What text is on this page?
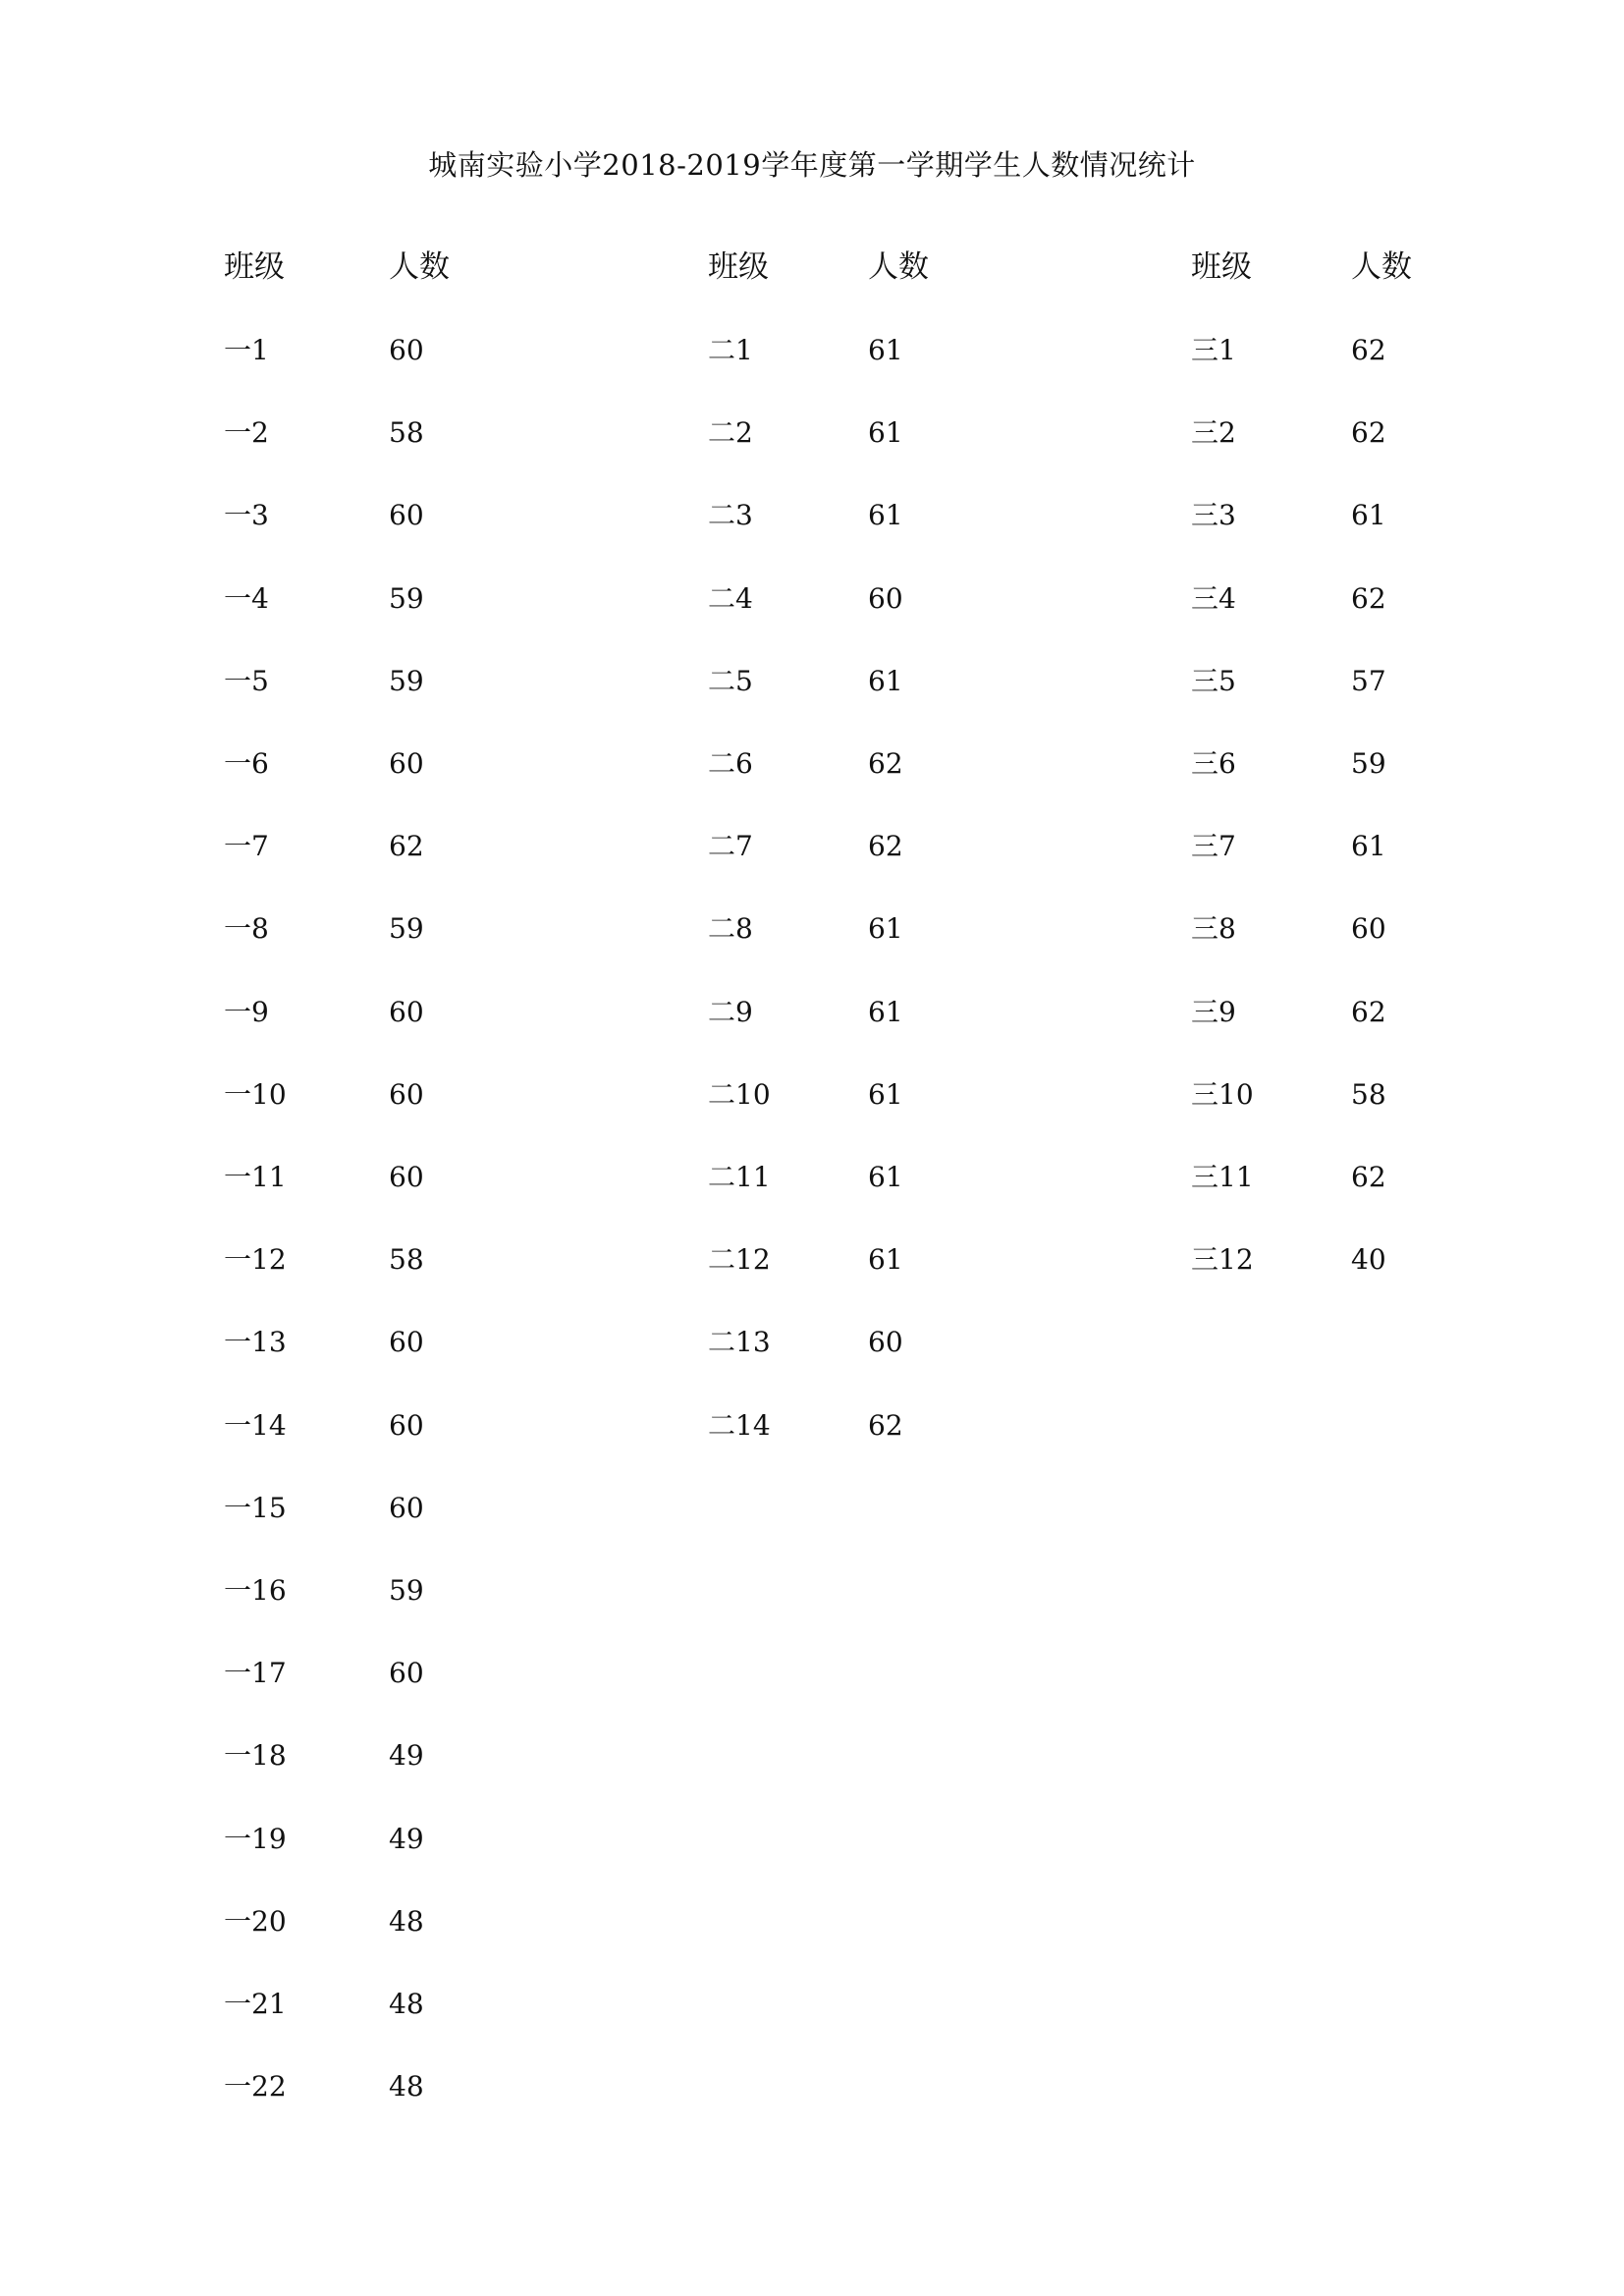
城南实验小学2018-2019学年度第一学期学生人数情况统计
班级	人数
一1	60
一2	58
一3	60
一4	59
一5	59
一6	60
一7	62
一8	59
一9	60
一10	60
一11	60
一12	58
一13	60
一14	60
一15	60
一16	59
一17	60
一18	49
一19	49
一20	48
一21	48
一22	48
班级	人数
二1	61
二2	61
二3	61
二4	60
二5	61
二6	62
二7	62
二8	61
二9	61
二10	61
二11	61
二12	61
二13	60
二14	62
班级	人数
三1	62
三2	62
三3	61
三4	62
三5	57
三6	59
三7	61
三8	60
三9	62
三10	58
三11	62
三12	40
